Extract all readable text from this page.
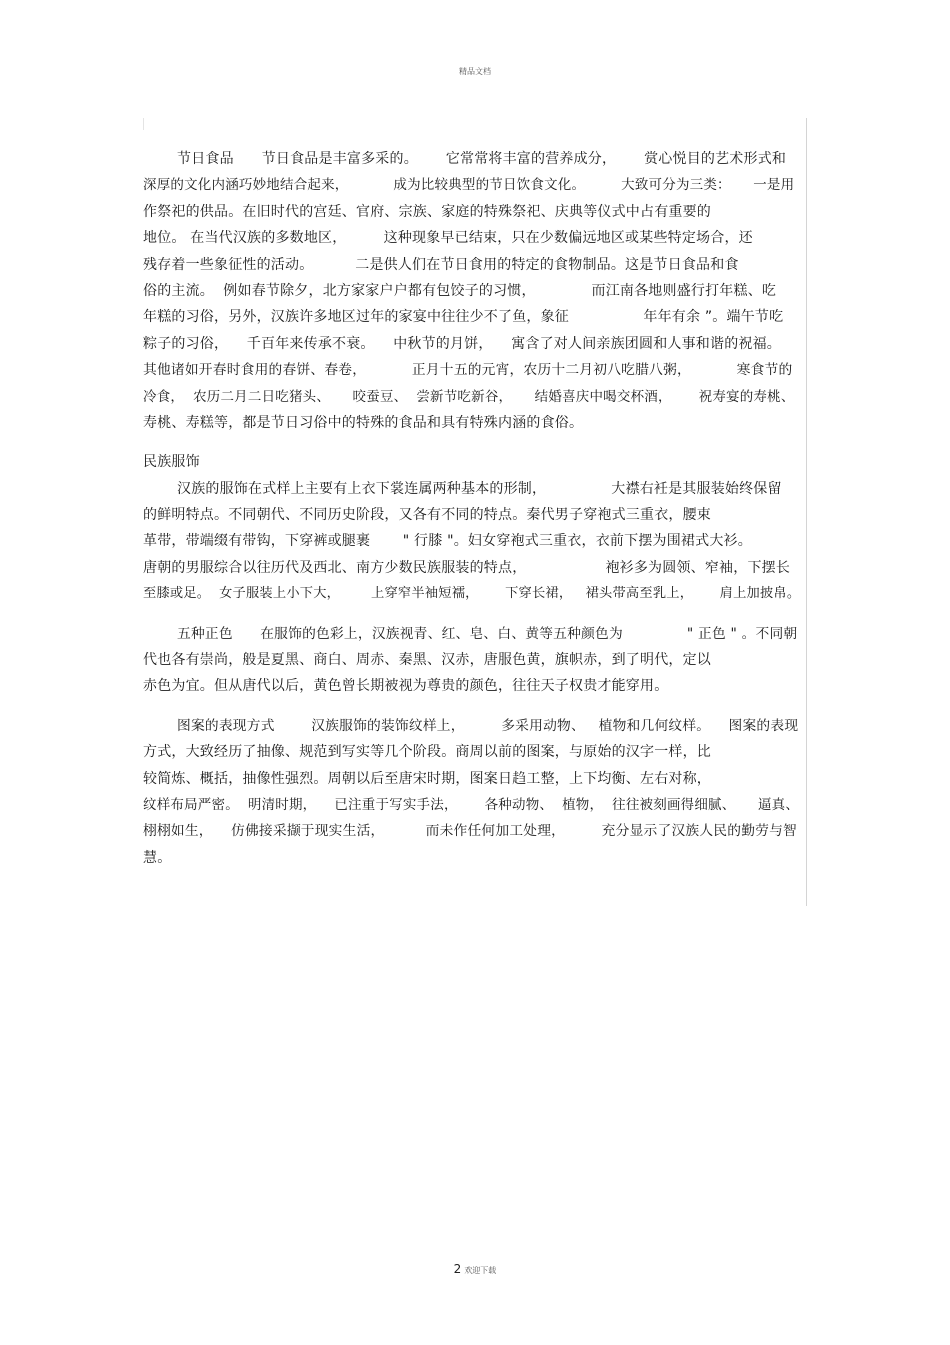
精品文档
节日食品      节日食品是丰富多采的。      它常常将丰富的营养成分，      赏心悦目的艺术形式和
深厚的文化内涵巧妙地结合起来，          成为比较典型的节日饮食文化。        大致可分为三类：     一是用
作祭祀的供品。在旧时代的宫廷、官府、宗族、家庭的特殊祭祀、庆典等仪式中占有重要的
地位。 在当代汉族的多数地区，        这种现象早已结束，只在少数偏远地区或某些特定场合，还
残存着一些象征性的活动。         二是供人们在节日食用的特定的食物制品。这是节日食品和食
俗的主流。  例如春节除夕，北方家家户户都有包饺子的习惯，            而江南各地则盛行打年糕、吃
年糕的习俗，另外，汉族许多地区过年的家宴中往往少不了鱼，象征                年年有余 ”。端午节吃
粽子的习俗，    千百年来传承不衰。    中秋节的月饼，    寓含了对人间亲族团圆和人事和谐的祝福。
其他诸如开春时食用的春饼、春卷，          正月十五的元宵，农历十二月初八吃腊八粥，          寒食节的
冷食，  农历二月二日吃猪头、     咬蚕豆、  尝新节吃新谷，     结婚喜庆中喝交杯酒，      祝寿宴的寿桃、
寿桃、寿糕等，都是节日习俗中的特殊的食品和具有特殊内涵的食俗。
民族服饰
汉族的服饰在式样上主要有上衣下裳连属两种基本的形制，              大襟右衽是其服装始终保留
的鲜明特点。不同朝代、不同历史阶段，又各有不同的特点。秦代男子穿袍式三重衣，腰束
革带，带端缀有带钩，下穿裤或腿裹       " 行膝 "。妇女穿袍式三重衣，衣前下摆为围裙式大衫。
唐朝的男服综合以往历代及西北、南方少数民族服装的特点，                 袍衫多为圆领、窄袖，下摆长
至膝或足。  女子服装上小下大，       上穿窄半袖短襦，      下穿长裙，   裙头带高至乳上，      肩上加披帛。
五种正色      在服饰的色彩上，汉族视青、红、皂、白、黄等五种颜色为              " 正色 " 。不同朝
代也各有崇尚，般是夏黑、商白、周赤、秦黑、汉赤，唐服色黄，旗帜赤，到了明代，定以
赤色为宜。但从唐代以后，黄色曾长期被视为尊贵的颜色，往往天子权贵才能穿用。
图案的表现方式        汉族服饰的装饰纹样上，        多采用动物、   植物和几何纹样。    图案的表现
方式，大致经历了抽像、规范到写实等几个阶段。商周以前的图案，与原始的汉字一样，比
较简炼、概括，抽像性强烈。周朝以后至唐宋时期，图案日趋工整，上下均衡、左右对称，
纹样布局严密。  明清时期，    已注重于写实手法，      各种动物、  植物，  往往被刻画得细腻、     逼真、
栩栩如生，    仿佛接采撷于现实生活，         而未作任何加工处理，        充分显示了汉族人民的勤劳与智
慧。
2 欢迎下载
